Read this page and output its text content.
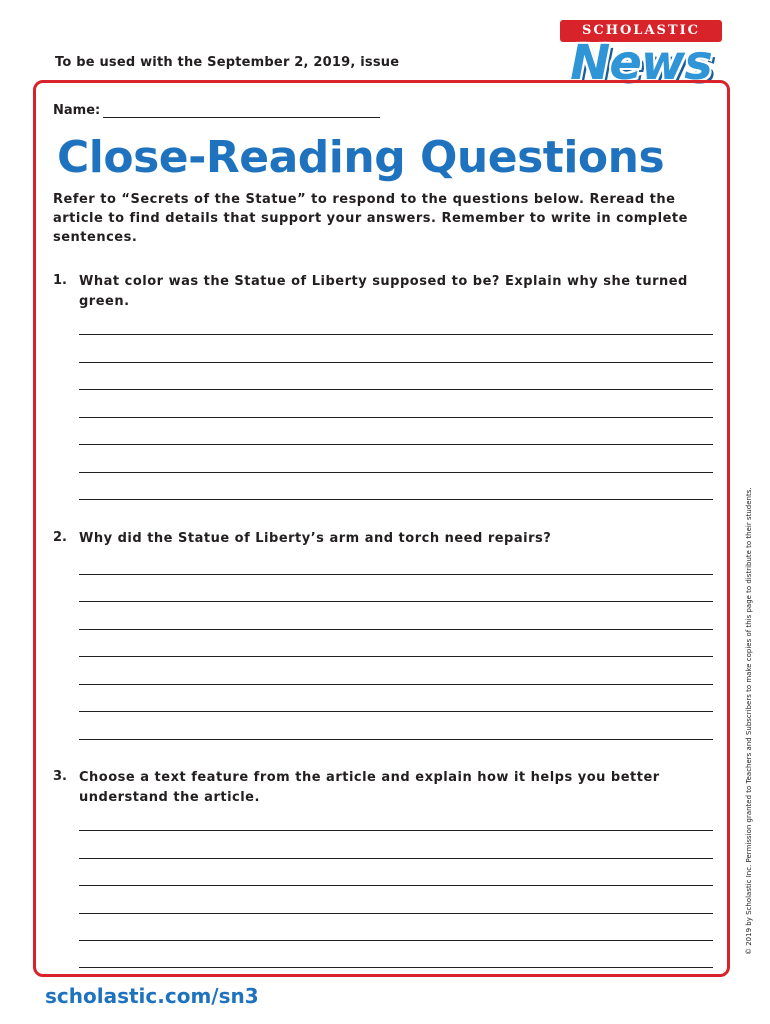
To be used with the September 2, 2019, issue
SCHOLASTIC
News
Name:
Close-Reading Questions
Refer to “Secrets of the Statue” to respond to the questions below. Reread the article to find details that support your answers. Remember to write in complete sentences.
1. What color was the Statue of Liberty supposed to be? Explain why she turned green.
2. Why did the Statue of Liberty’s arm and torch need repairs?
3. Choose a text feature from the article and explain how it helps you better understand the article.	© 2019 by Scholastic Inc. Permission granted to Teachers and Subscribers to make copies of this page to distribute to their students.
scholastic.com/sn3
